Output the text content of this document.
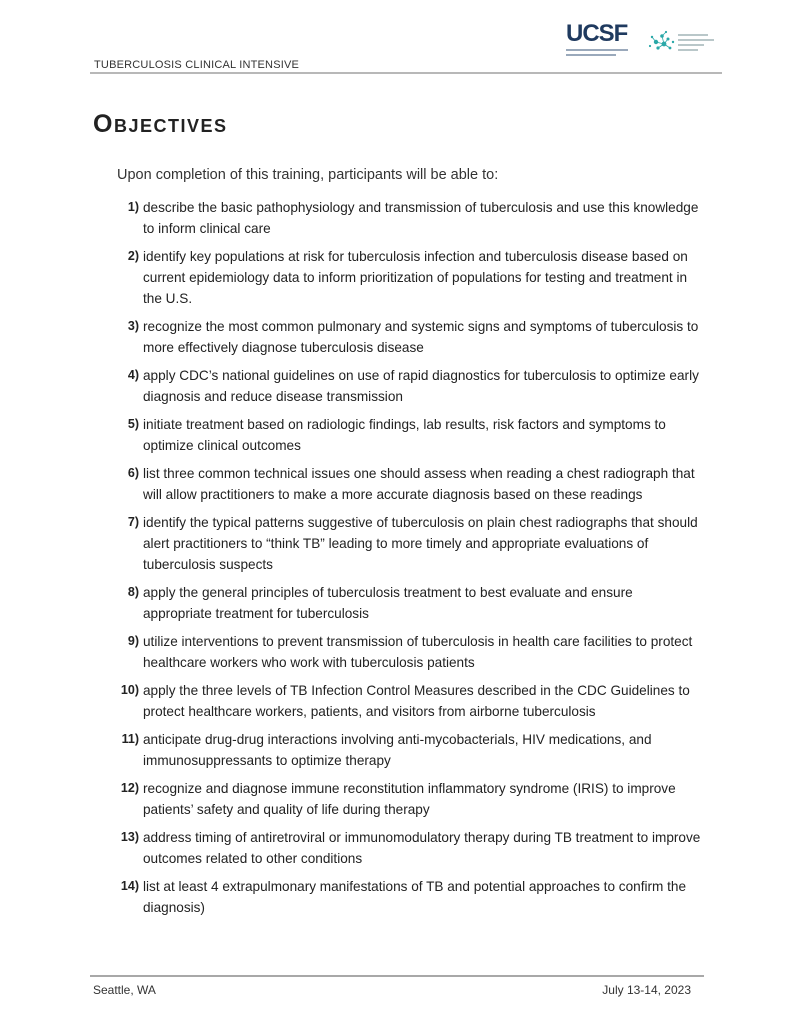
TUBERCULOSIS CLINICAL INTENSIVE
UCSF
Objectives

Upon completion of this training, participants will be able to:

1) describe the basic pathophysiology and transmission of tuberculosis and use this knowledge to inform clinical care
2) identify key populations at risk for tuberculosis infection and tuberculosis disease based on current epidemiology data to inform prioritization of populations for testing and treatment in the U.S.
3) recognize the most common pulmonary and systemic signs and symptoms of tuberculosis to more effectively diagnose tuberculosis disease
4) apply CDC’s national guidelines on use of rapid diagnostics for tuberculosis to optimize early diagnosis and reduce disease transmission
5) initiate treatment based on radiologic findings, lab results, risk factors and symptoms to optimize clinical outcomes
6) list three common technical issues one should assess when reading a chest radiograph that will allow practitioners to make a more accurate diagnosis based on these readings
7) identify the typical patterns suggestive of tuberculosis on plain chest radiographs that should alert practitioners to “think TB” leading to more timely and appropriate evaluations of tuberculosis suspects
8) apply the general principles of tuberculosis treatment to best evaluate and ensure appropriate treatment for tuberculosis
9) utilize interventions to prevent transmission of tuberculosis in health care facilities to protect healthcare workers who work with tuberculosis patients
10) apply the three levels of TB Infection Control Measures described in the CDC Guidelines to protect healthcare workers, patients, and visitors from airborne tuberculosis
11) anticipate drug-drug interactions involving anti-mycobacterials, HIV medications, and immunosuppressants to optimize therapy
12) recognize and diagnose immune reconstitution inflammatory syndrome (IRIS) to improve patients’ safety and quality of life during therapy
13) address timing of antiretroviral or immunomodulatory therapy during TB treatment to improve outcomes related to other conditions
14) list at least 4 extrapulmonary manifestations of TB and potential approaches to confirm the diagnosis)
Seattle, WA	July 13-14, 2023
